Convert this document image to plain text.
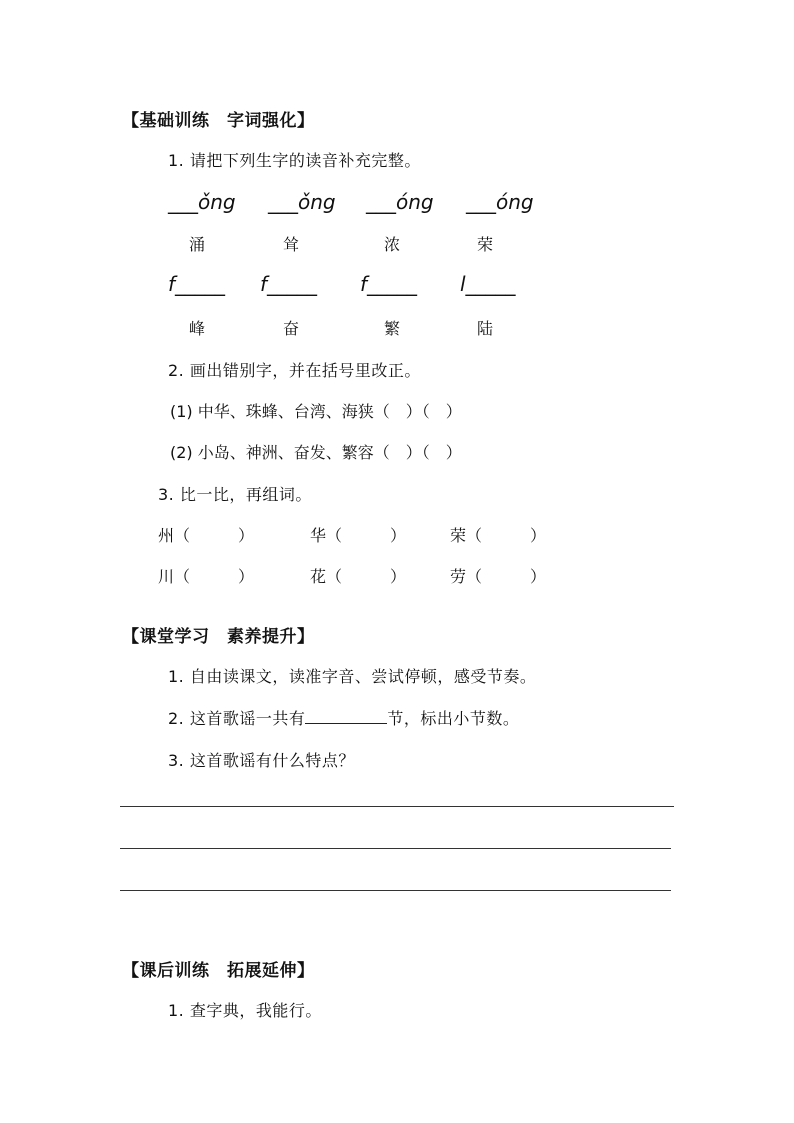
【基础训练　字词强化】
1. 请把下列生字的读音补充完整。
___ǒng ___ǒng ___óng ___óng
涌	耸	浓	荣
f_____ f_____ f_____ l_____
峰	奋	繁	陆
2. 画出错别字，并在括号里改正。
(1) 中华、珠蜂、台湾、海狭（　）（　）
(2) 小岛、神洲、奋发、繁容（　）（　）
3. 比一比，再组词。
州（　　　）	华（　　　）	荣（　　　）
川（　　　）	花（　　　）	劳（　　　）
【课堂学习　素养提升】
1. 自由读课文，读准字音、尝试停顿，感受节奏。
2. 这首歌谣一共有	节，标出小节数。
3. 这首歌谣有什么特点？
【课后训练　拓展延伸】
1. 查字典，我能行。
